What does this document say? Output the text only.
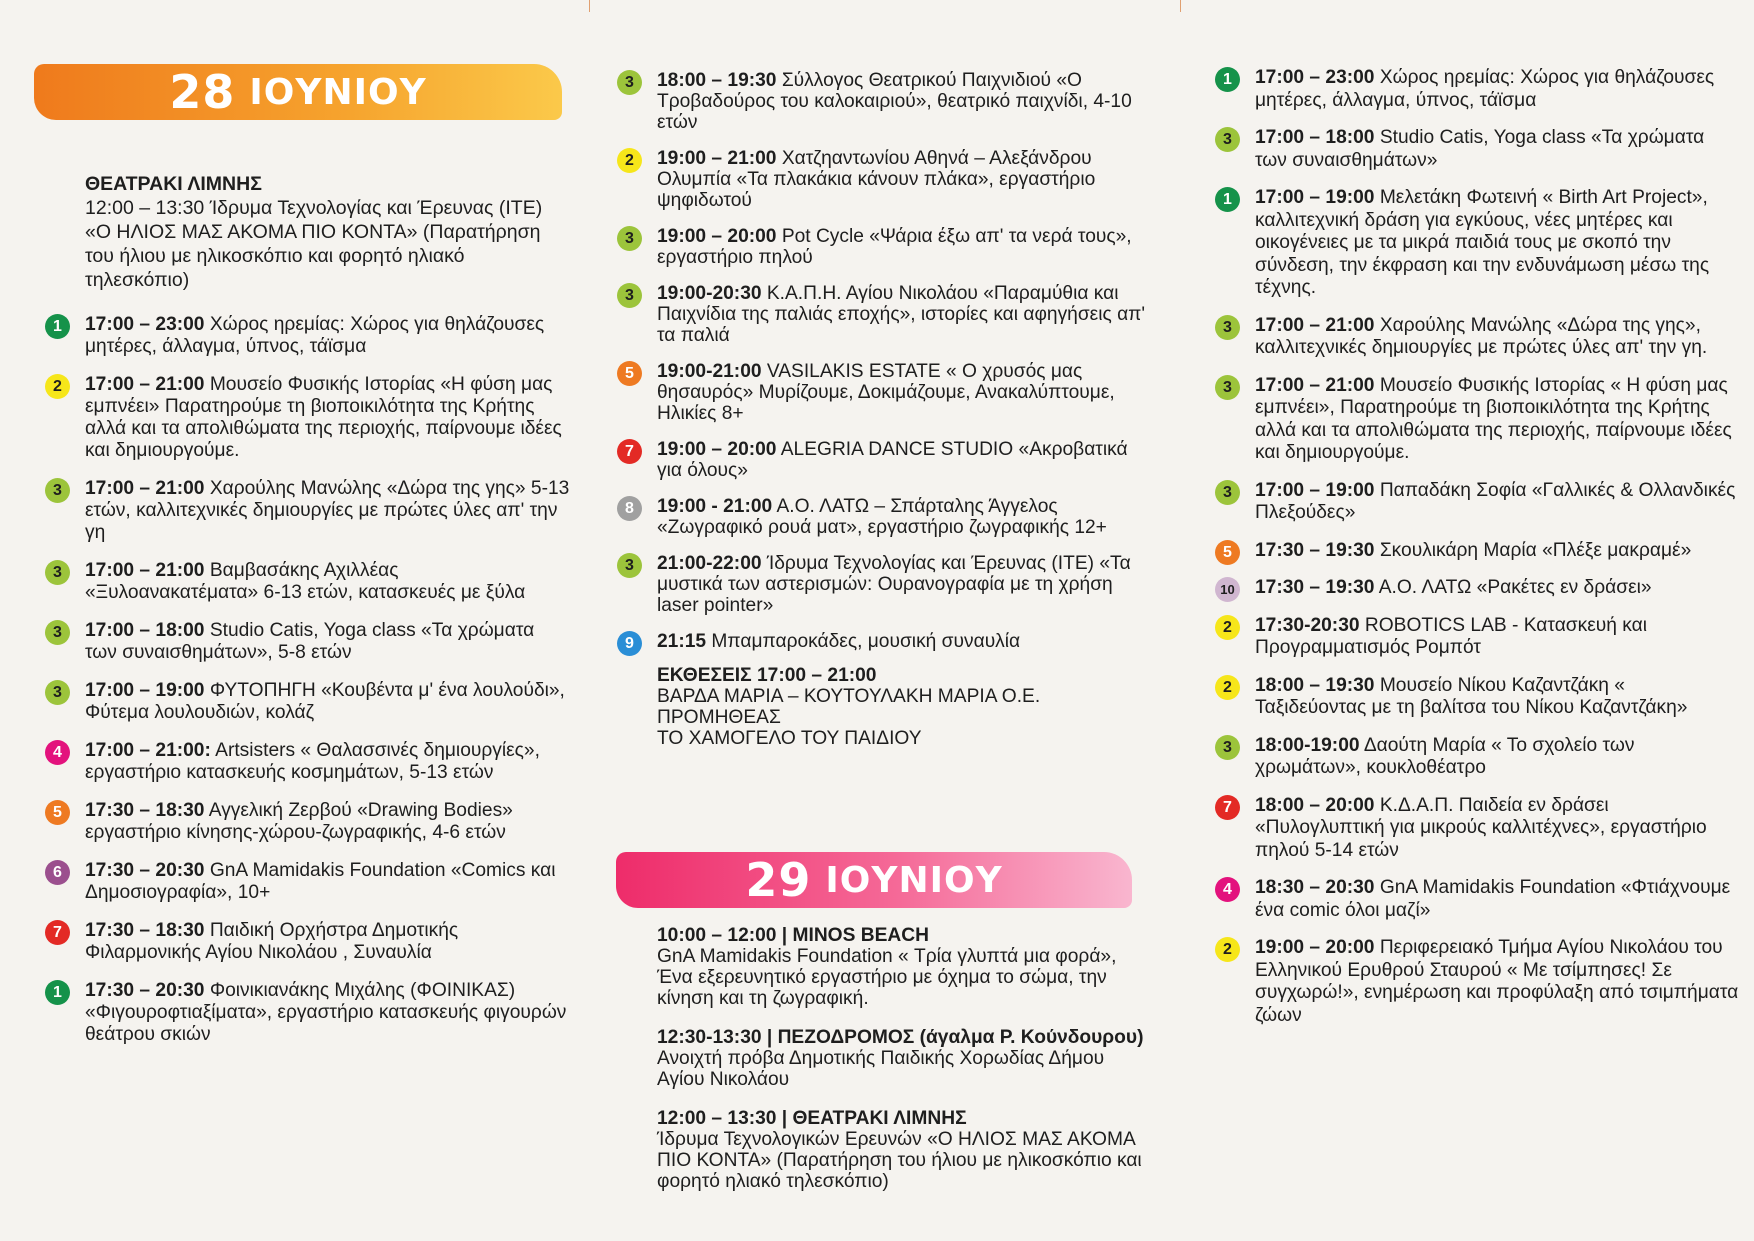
28 ΙΟΥΝΙΟΥ
ΘΕΑΤΡΑΚΙ ΛΙΜΝΗΣ
12:00 – 13:30 Ίδρυμα Τεχνολογίας και Έρευνας (ΙΤΕ) «Ο ΗΛΙΟΣ ΜΑΣ ΑΚΟΜΑ ΠΙΟ ΚΟΝΤΑ» (Παρατήρηση του ήλιου με ηλικοσκόπιο και φορητό ηλιακό τηλεσκόπιο)
1	17:00 – 23:00 Χώρος ηρεμίας: Χώρος για θηλάζουσες μητέρες, άλλαγμα, ύπνος, τάϊσμα
2	17:00 – 21:00 Μουσείο Φυσικής Ιστορίας «Η φύση μας εμπνέει» Παρατηρούμε τη βιοποικιλότητα της Κρήτης αλλά και τα απολιθώματα της περιοχής, παίρνουμε ιδέες και δημιουργούμε.
3	17:00 – 21:00 Χαρούλης Μανώλης «Δώρα της γης» 5-13 ετών, καλλιτεχνικές δημιουργίες με πρώτες ύλες απ' την γη
3	17:00 – 21:00 Βαμβασάκης Αχιλλέας «Ξυλοανακατέματα» 6-13 ετών, κατασκευές με ξύλα
3	17:00 – 18:00 Studio Catis, Yoga class «Τα χρώματα των συναισθημάτων», 5-8 ετών
3	17:00 – 19:00 ΦΥΤΟΠΗΓΗ «Κουβέντα μ' ένα λουλούδι», Φύτεμα λουλουδιών, κολάζ
4	17:00 – 21:00: Artsisters « Θαλασσινές δημιουργίες», εργαστήριο κατασκευής κοσμημάτων, 5-13 ετών
5	17:30 – 18:30 Αγγελική Ζερβού «Drawing Bodies» εργαστήριο κίνησης-χώρου-ζωγραφικής, 4-6 ετών
6	17:30 – 20:30 GnA Mamidakis Foundation «Comics και Δημοσιογραφία», 10+
7	17:30 – 18:30 Παιδική Ορχήστρα Δημοτικής Φιλαρμονικής Αγίου Νικολάου , Συναυλία
1	17:30 – 20:30 Φοινικιανάκης Μιχάλης (ΦΟΙΝΙΚΑΣ) «Φιγουροφτιαξίματα», εργαστήριο κατασκευής φιγουρών θεάτρου σκιών
3	18:00 – 19:30 Σύλλογος Θεατρικού Παιχνιδιού «Ο Τροβαδούρος του καλοκαιριού», θεατρικό παιχνίδι, 4-10 ετών
2	19:00 – 21:00 Χατζηαντωνίου Αθηνά – Αλεξάνδρου Ολυμπία «Τα πλακάκια κάνουν πλάκα», εργαστήριο ψηφιδωτού
3	19:00 – 20:00 Pot Cycle «Ψάρια έξω απ' τα νερά τους», εργαστήριο πηλού
3	19:00-20:30 Κ.Α.Π.Η. Αγίου Νικολάου «Παραμύθια και Παιχνίδια της παλιάς εποχής», ιστορίες και αφηγήσεις απ' τα παλιά
5	19:00-21:00 VASILAKIS ESTATE « Ο χρυσός μας θησαυρός» Μυρίζουμε, Δοκιμάζουμε, Ανακαλύπτουμε, Ηλικίες 8+
7	19:00 – 20:00 ALEGRIA DANCE STUDIO «Ακροβατικά για όλους»
8	19:00 - 21:00 Α.Ο. ΛΑΤΩ – Σπάρταλης Άγγελος «Ζωγραφικό ρουά ματ», εργαστήριο ζωγραφικής 12+
3	21:00-22:00 Ίδρυμα Τεχνολογίας και Έρευνας (ΙΤΕ) «Τα μυστικά των αστερισμών: Ουρανογραφία με τη χρήση laser pointer»
9	21:15 Μπαμπαροκάδες, μουσική συναυλία
ΕΚΘΕΣΕΙΣ 17:00 – 21:00
ΒΑΡΔΑ ΜΑΡΙΑ – ΚΟΥΤΟΥΛΑΚΗ ΜΑΡΙΑ Ο.Ε.
ΠΡΟΜΗΘΕΑΣ
ΤΟ ΧΑΜΟΓΕΛΟ ΤΟΥ ΠΑΙΔΙΟΥ
29 ΙΟΥΝΙΟΥ
10:00 – 12:00 | MINOS BEACH
GnA Mamidakis Foundation « Τρία γλυπτά μια φορά», Ένα εξερευνητικό εργαστήριο με όχημα το σώμα, την κίνηση και τη ζωγραφική.
12:30-13:30 | ΠΕΖΟΔΡΟΜΟΣ (άγαλμα Ρ. Κούνδουρου) Ανοιχτή πρόβα Δημοτικής Παιδικής Χορωδίας Δήμου Αγίου Νικολάου
12:00 – 13:30 | ΘΕΑΤΡΑΚΙ ΛΙΜΝΗΣ
Ίδρυμα Τεχνολογικών Ερευνών «Ο ΗΛΙΟΣ ΜΑΣ ΑΚΟΜΑ ΠΙΟ ΚΟΝΤΑ» (Παρατήρηση του ήλιου με ηλικοσκόπιο και φορητό ηλιακό τηλεσκόπιο)
1	17:00 – 23:00 Χώρος ηρεμίας: Χώρος για θηλάζουσες μητέρες, άλλαγμα, ύπνος, τάϊσμα
3	17:00 – 18:00 Studio Catis, Yoga class «Τα χρώματα των συναισθημάτων»
1	17:00 – 19:00 Μελετάκη Φωτεινή « Birth Art Project», καλλιτεχνική δράση για εγκύους, νέες μητέρες και οικογένειες με τα μικρά παιδιά τους με σκοπό την σύνδεση, την έκφραση και την ενδυνάμωση μέσω της τέχνης.
3	17:00 – 21:00 Χαρούλης Μανώλης «Δώρα της γης», καλλιτεχνικές δημιουργίες με πρώτες ύλες απ' την γη.
3	17:00 – 21:00 Μουσείο Φυσικής Ιστορίας « Η φύση μας εμπνέει», Παρατηρούμε τη βιοποικιλότητα της Κρήτης αλλά και τα απολιθώματα της περιοχής, παίρνουμε ιδέες και δημιουργούμε.
3	17:00 – 19:00 Παπαδάκη Σοφία «Γαλλικές & Ολλανδικές Πλεξούδες»
5	17:30 – 19:30 Σκουλικάρη Μαρία «Πλέξε μακραμέ»
10 17:30 – 19:30 Α.Ο. ΛΑΤΩ «Ρακέτες εν δράσει»
2	17:30-20:30 ROBOTICS LAB - Κατασκευή και Προγραμματισμός Ρομπότ
2	18:00 – 19:30 Μουσείο Νίκου Καζαντζάκη « Ταξιδεύοντας με τη βαλίτσα του Νίκου Καζαντζάκη»
3	18:00-19:00 Δαούτη Μαρία « Το σχολείο των χρωμάτων», κουκλοθέατρο
7	18:00 – 20:00 Κ.Δ.Α.Π. Παιδεία εν δράσει «Πυλογλυπτική για μικρούς καλλιτέχνες», εργαστήριο πηλού 5-14 ετών
4	18:30 – 20:30 GnA Mamidakis Foundation «Φτιάχνουμε ένα comic όλοι μαζί»
2	19:00 – 20:00 Περιφερειακό Τμήμα Αγίου Νικολάου του Ελληνικού Ερυθρού Σταυρού « Με τσίμπησες! Σε συγχωρώ!», ενημέρωση και προφύλαξη από τσιμπήματα ζώων
